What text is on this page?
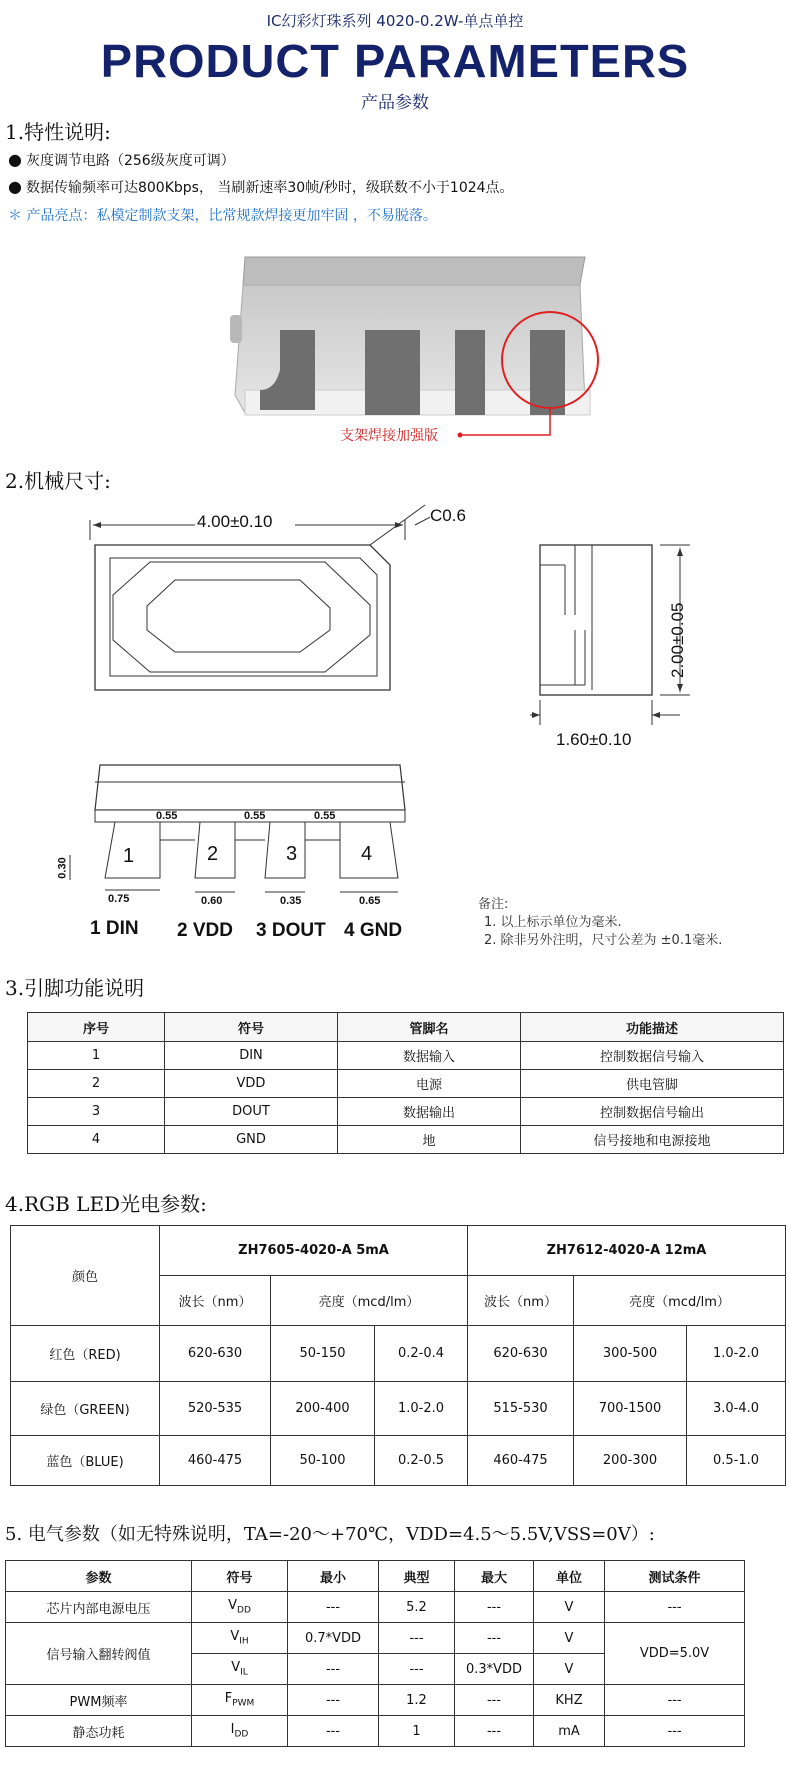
IC幻彩灯珠系列 4020-0.2W-单点单控
PRODUCT PARAMETERS
产品参数
1.特性说明:
● 灰度调节电路（256级灰度可调）
● 数据传输频率可达800Kbps， 当刷新速率30帧/秒时，级联数不小于1024点。
＊ 产品亮点：私模定制款支架，比常规款焊接更加牢固 ，不易脱落。
支架焊接加强版
2.机械尺寸:
4.00±0.10	C0.6
2.00±0.05
1.60±0.10
0.55	0.55	0.55
0.30
1	2	3	4
0.75	0.60	0.35	0.65
1 DIN 2 VDD 3 DOUT 4 GND
备注:
1. 以上标示单位为毫米.
2. 除非另外注明，尺寸公差为 ±0.1毫米.
3.引脚功能说明
序号	符号	管脚名	功能描述
1	DIN	数据输入	控制数据信号输入
2	VDD	电源	供电管脚
3	DOUT	数据输出	控制数据信号输出
4	GND	地	信号接地和电源接地
4.RGB LED光电参数:
颜色	ZH7605-4020-A 5mA			ZH7612-4020-A 12mA		
	波长（nm）	亮度（mcd/lm）		波长（nm）	亮度（mcd/lm）	
红色（RED)	620-630	50-150	0.2-0.4	620-630	300-500	1.0-2.0
绿色（GREEN)	520-535	200-400	1.0-2.0	515-530	700-1500	3.0-4.0
蓝色（BLUE)	460-475	50-100	0.2-0.5	460-475	200-300	0.5-1.0
5. 电气参数（如无特殊说明，TA=-20～+70℃，VDD=4.5～5.5V,VSS=0V）:
参数	符号	最小	典型	最大	单位	测试条件
芯片内部电源电压	$V_{DD}$	---	5.2	---	V	---
信号输入翻转阀值	$V_{IH}$	0.7*VDD	---	---	V	VDD=5.0V
	$V_{IL}$	---	---	0.3*VDD	V	
PWM频率	$F_{PWM}$	---	1.2	---	KHZ	---
静态功耗	$I_{DD}$	---	1	---	mA	---
